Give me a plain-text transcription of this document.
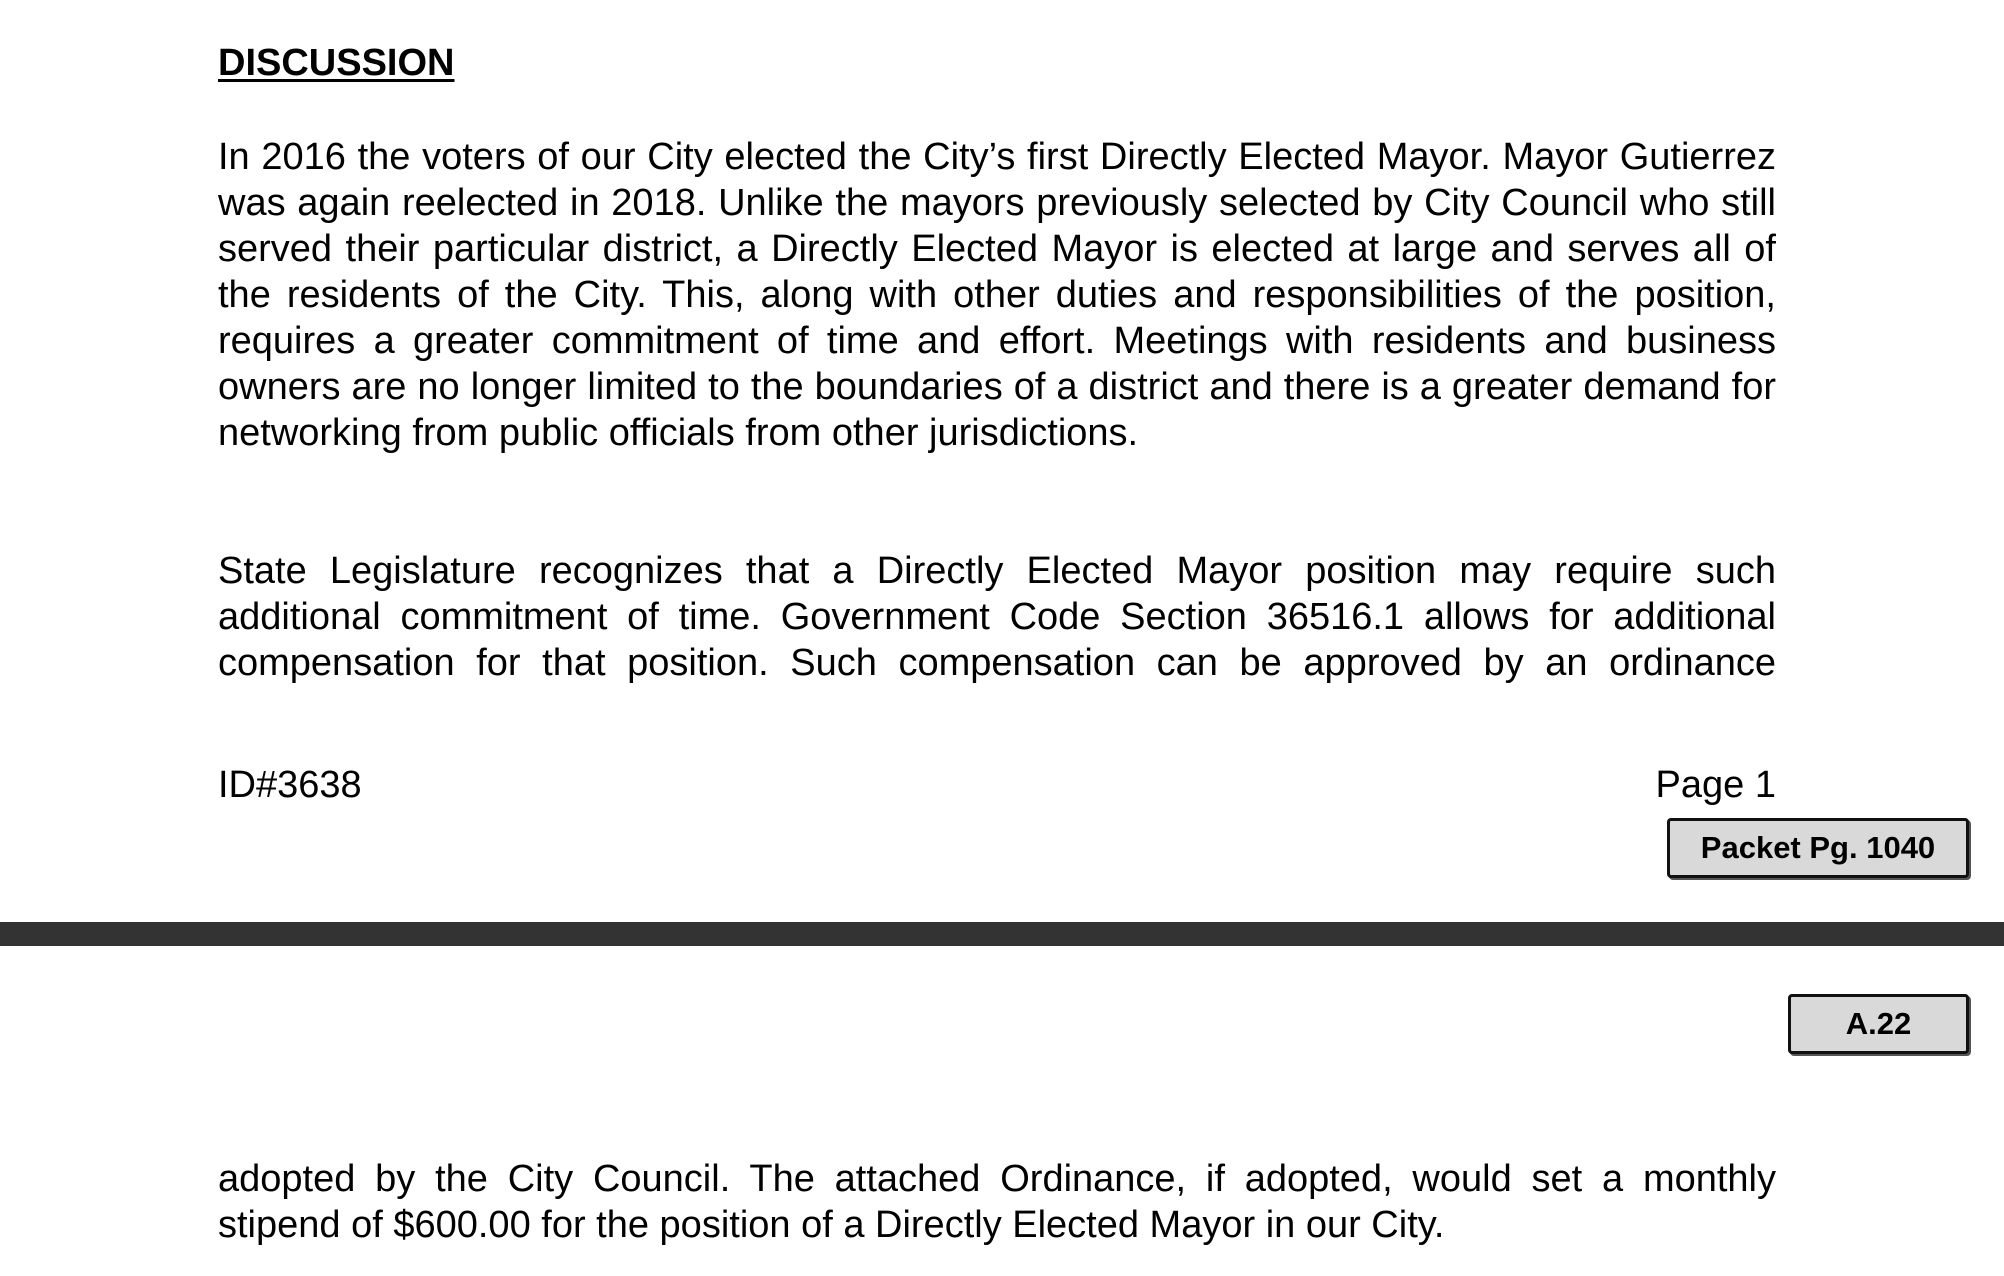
DISCUSSION
In 2016 the voters of our City elected the City’s first Directly Elected Mayor. Mayor Gutierrez was again reelected in 2018. Unlike the mayors previously selected by City Council who still served their particular district, a Directly Elected Mayor is elected at large and serves all of the residents of the City. This, along with other duties and responsibilities of the position, requires a greater commitment of time and effort. Meetings with residents and business owners are no longer limited to the boundaries of a district and there is a greater demand for networking from public officials from other jurisdictions.
State Legislature recognizes that a Directly Elected Mayor position may require such additional commitment of time. Government Code Section 36516.1 allows for additional compensation for that position. Such compensation can be approved by an ordinance
ID#3638	Page 1
Packet Pg. 1040
A.22
adopted by the City Council. The attached Ordinance, if adopted, would set a monthly stipend of $600.00 for the position of a Directly Elected Mayor in our City.
